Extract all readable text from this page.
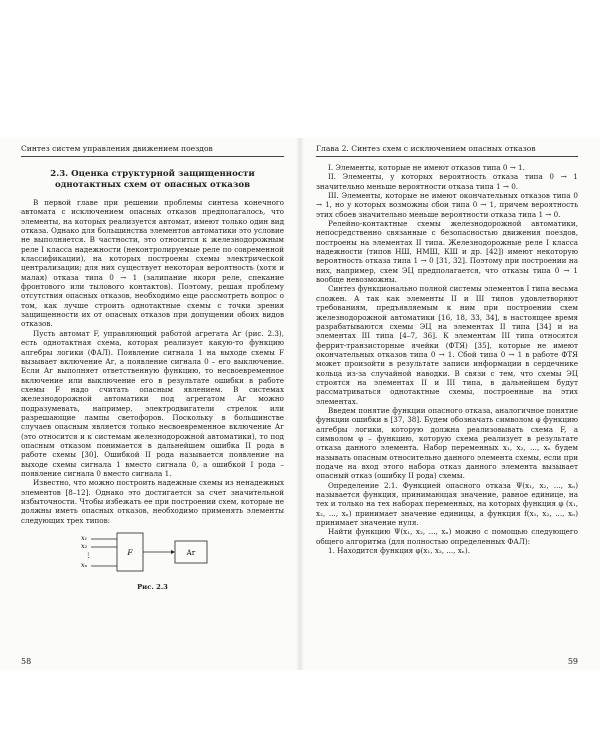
Синтез систем управления движением поездов
2.3. Оценка структурной защищенности
однотактных схем от опасных отказов

В первой главе при решении проблемы синтеза конечного автомата с исключением опасных отказов предполагалось, что элементы, на которых реализуется автомат, имеют только один вид отказа. Однако для большинства элементов автоматики это условие не выполняется. В частности, это относится к железнодорожным реле I класса надежности (неконтролируемые реле по современной классификации), на которых построены схемы электрической централизации; для них существует некоторая вероятность (хотя и малая) отказа типа 0 → 1 (залипание якоря реле, спекание фронтового или тылового контактов). Поэтому, решая проблему отсутствия опасных отказов, необходимо еще рассмотреть вопрос о том, как лучше строить однотактные схемы с точки зрения защищенности их от опасных отказов при допущении обоих видов отказов.

Пусть автомат F, управляющий работой агрегата Аг (рис. 2.3), есть однотактная схема, которая реализует какую-то функцию алгебры логики (ФАЛ). Появление сигнала 1 на выходе схемы F вызывает включение Аг, а появление сигнала 0 – его выключение. Если Аг выполняет ответственную функцию, то несвоевременное включение или выключение его в результате ошибки в работе схемы F надо считать опасным явлением. В системах железнодорожной автоматики под агрегатом Аг можно подразумевать, например, электродвигатели стрелок или разрешающие лампы светофоров. Поскольку в большинстве случаев опасным является только несвоевременное включение Аг (это относится и к системам железнодорожной автоматики), то под опасным отказом понимается в дальнейшем ошибка II рода в работе схемы [30]. Ошибкой II рода называется появление на выходе схемы сигнала 1 вместо сигнала 0, а ошибкой I рода – появление сигнала 0 вместо сигнала 1.

Известно, что можно построить надежные схемы из ненадежных элементов [8–12]. Однако это достигается за счет значительной избыточности. Чтобы избежать ее при построении схем, которые не должны иметь опасных отказов, необходимо применять элементы следующих трех типов:

x₁
x₂
⋮
xₙ
F	Аг

Рис. 2.3

58
Глава 2. Синтез схем с исключением опасных отказов

I. Элементы, которые не имеют отказов типа 0 → 1.

II. Элементы, у которых вероятность отказа типа 0 → 1 значительно меньше вероятности отказа типа 1 → 0.

III. Элементы, которые не имеют окончательных отказов типа 0 → 1, но у которых возможны сбои типа 0 → 1, причем вероятность этих сбоев значительно меньше вероятности отказа типа 1 → 0.

Релейно-контактные схемы железнодорожной автоматики, непосредственно связанные с безопасностью движения поездов, построены на элементах II типа. Железнодорожные реле I класса надежности (типов НШ, НМШ, КШ и др. [42]) имеют некоторую вероятность отказа типа 1 → 0 [31, 32]. Поэтому при построении на них, например, схем ЭЦ предполагается, что отказы типа 0 → 1 вообще невозможны.

Синтез функционально полной системы элементов I типа весьма сложен. А так как элементы II и III типов удовлетворяют требованиям, предъявляемым к ним при построении схем железнодорожной автоматики [16, 18, 33, 34], в настоящее время разрабатываются схемы ЭЦ на элементах II типа [34] и на элементах III типа [4–7, 36]. К элементам III типа относятся феррит-транзисторные ячейки (ФТЯ) [35], которые не имеют окончательных отказов типа 0 → 1. Сбой типа 0 → 1 в работе ФТЯ может произойти в результате записи информации в сердечнике кольца из-за случайной наводки. В связи с тем, что схемы ЭЦ строятся на элементах II и III типа, в дальнейшем будут рассматриваться однотактные схемы, построенные на этих элементах.

Введем понятие функции опасного отказа, аналогичное понятие функции ошибки в [37, 38]. Будем обозначать символом φ функцию алгебры логики, которую должна реализовывать схема F, а символом φ – функцию, которую схема реализует в результате отказа данного элемента. Набор переменных x₁, x₂, ..., xₙ будем называть опасным относительно данного элемента схемы, если при подаче на вход этого набора отказ данного элемента вызывает опасный отказ (ошибку II рода) схемы.

Определение 2.1. Функцией опасного отказа Ψ(x₁, x₂, ..., xₙ) называется функция, принимающая значение, равное единице, на тех и только на тех наборах переменных, на которых функция φ (x₁, x₂, ..., xₙ) принимает значение единицы, а функция f(x₁, x₂, ..., xₙ) принимает значение нуля.

Найти функцию Ψ(x₁, x₂, ..., xₙ) можно с помощью следующего общего алгоритма (для полностью определенных ФАЛ):

1. Находится функция φ(x₁, x₂, ..., xₙ).

59
